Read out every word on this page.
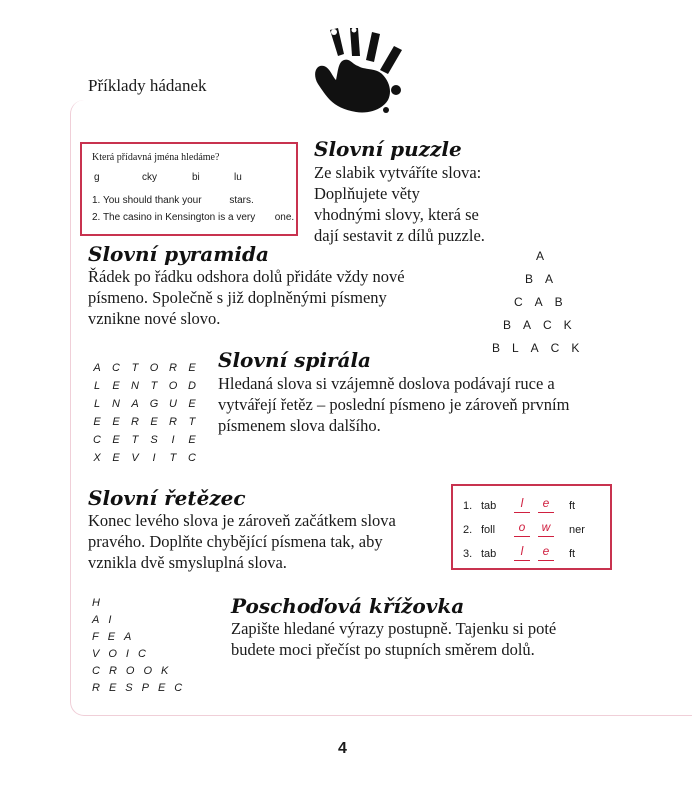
Příklady hádanek
Která přídavná jména hledáme?
g	cky	bi	lu
1. You should thank your          stars.
2. The casino in Kensington is a very       one.
Slovní puzzle
Ze slabik vytváříte slova: Doplňujete věty vhodnými slovy, která se dají sestavit z dílů puzzle.
Slovní pyramida
Řádek po řádku odshora dolů přidáte vždy nové písmeno. Společně s již doplněnými písmeny vznikne nové slovo.
A
BA
CAB
BACK
BLACK
A	C	T	O R	E
L	E	N	T	O D
L	N	A	G U	E
E	E	R	E	R	T
C	E	T	S	I	E
X	E	V	I	T	C
Slovní spirála
Hledaná slova si vzájemně doslova podávají ruce a vytvářejí řetěz – poslední písmeno je zároveň prvním písmenem slova dalšího.
Slovní řetězec
Konec levého slova je zároveň začátkem slova pravého. Doplňte chybějící písmena tak, aby vznikla dvě smysluplná slova.
1. tab	l	e	ft
2. foll	o	w	ner
3. tab	l	e	ft
H
AI
FEA
VOIC
CROOK
RESPEC
Poschoďová křížovka
Zapište hledané výrazy postupně. Tajenku si poté budete moci přečíst po stupních směrem dolů.
4
